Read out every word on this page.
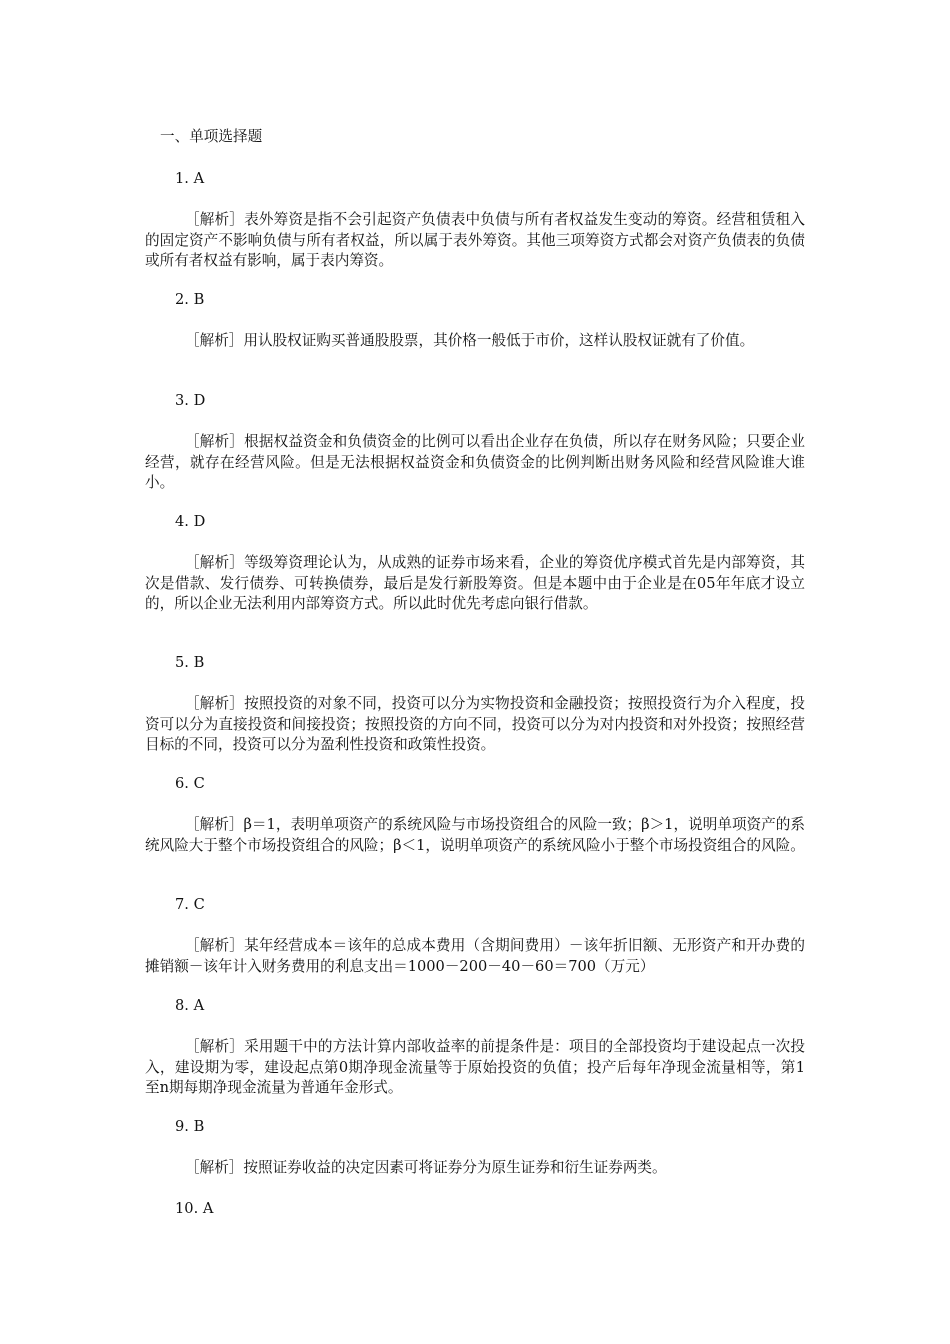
一、单项选择题

1. A

［解析］表外筹资是指不会引起资产负债表中负债与所有者权益发生变动的筹资。经营租赁租入的固定资产不影响负债与所有者权益，所以属于表外筹资。其他三项筹资方式都会对资产负债表的负债或所有者权益有影响，属于表内筹资。

2. B

［解析］用认股权证购买普通股股票，其价格一般低于市价，这样认股权证就有了价值。

3. D

［解析］根据权益资金和负债资金的比例可以看出企业存在负债，所以存在财务风险；只要企业经营，就存在经营风险。但是无法根据权益资金和负债资金的比例判断出财务风险和经营风险谁大谁小。

4. D

［解析］等级筹资理论认为，从成熟的证券市场来看，企业的筹资优序模式首先是内部筹资，其次是借款、发行债券、可转换债券，最后是发行新股筹资。但是本题中由于企业是在05年年底才设立的，所以企业无法利用内部筹资方式。所以此时优先考虑向银行借款。

5. B

［解析］按照投资的对象不同，投资可以分为实物投资和金融投资；按照投资行为介入程度，投资可以分为直接投资和间接投资；按照投资的方向不同，投资可以分为对内投资和对外投资；按照经营目标的不同，投资可以分为盈利性投资和政策性投资。

6. C

［解析］β＝1，表明单项资产的系统风险与市场投资组合的风险一致；β＞1，说明单项资产的系统风险大于整个市场投资组合的风险；β＜1，说明单项资产的系统风险小于整个市场投资组合的风险。

7. C

［解析］某年经营成本＝该年的总成本费用（含期间费用）－该年折旧额、无形资产和开办费的摊销额－该年计入财务费用的利息支出＝1000－200－40－60＝700（万元）

8. A

［解析］采用题干中的方法计算内部收益率的前提条件是：项目的全部投资均于建设起点一次投入，建设期为零，建设起点第0期净现金流量等于原始投资的负值；投产后每年净现金流量相等，第1至n期每期净现金流量为普通年金形式。

9. B

［解析］按照证券收益的决定因素可将证券分为原生证券和衍生证券两类。

10. A
